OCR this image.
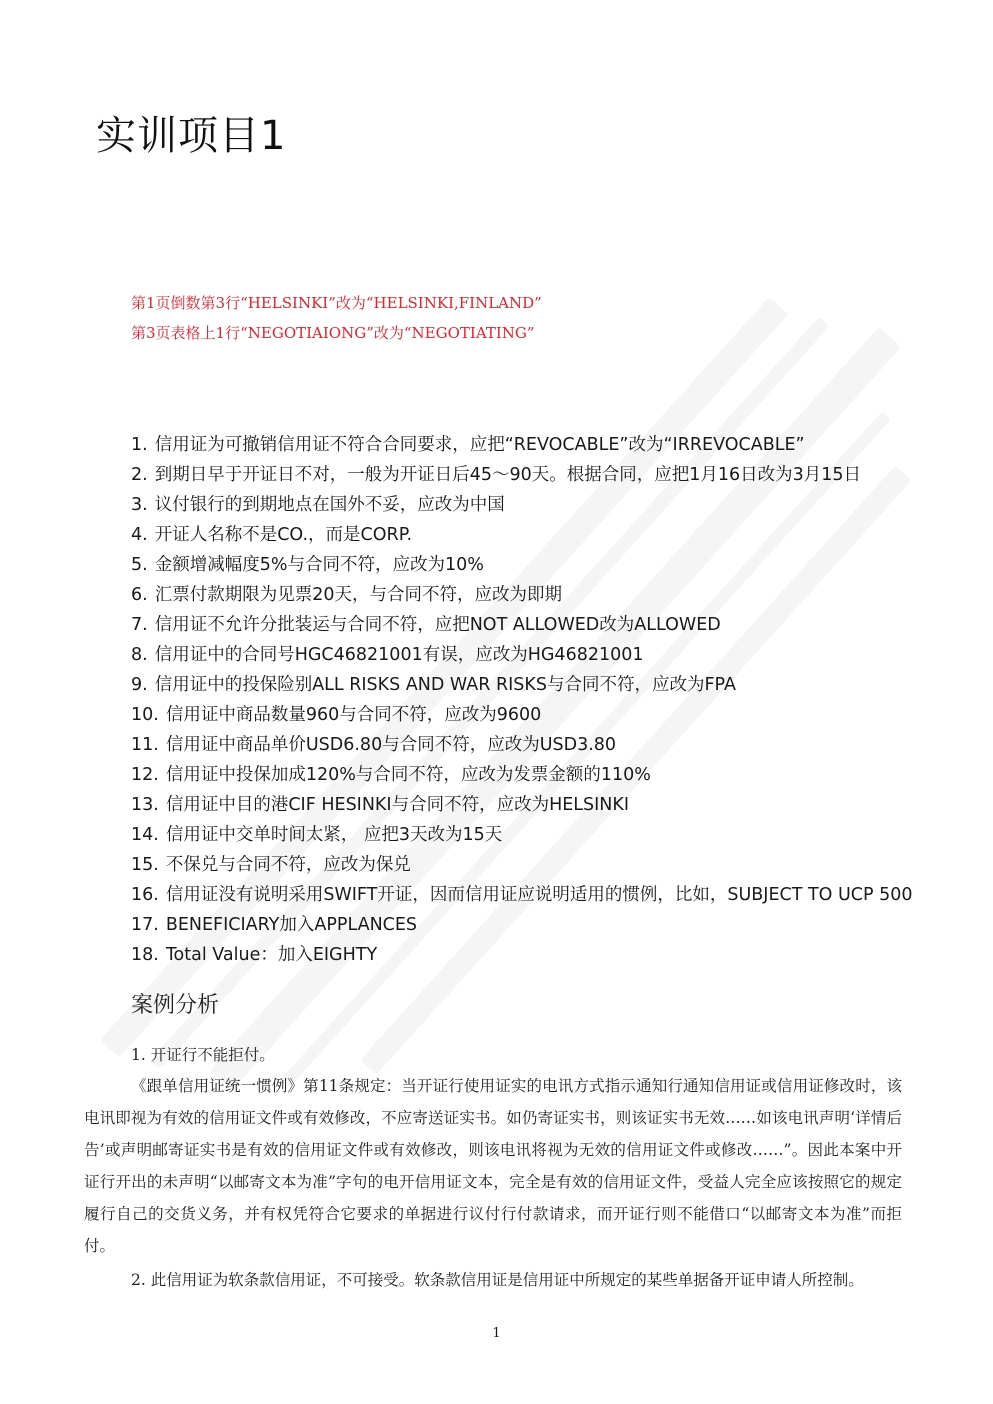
实训项目1
第1页倒数第3行“HELSINKI”改为“HELSINKI,FINLAND”
第3页表格上1行“NEGOTIAIONG”改为“NEGOTIATING”
1. 信用证为可撤销信用证不符合合同要求，应把“REVOCABLE”改为“IRREVOCABLE”
2. 到期日早于开证日不对，一般为开证日后45～90天。根据合同，应把1月16日改为3月15日
3. 议付银行的到期地点在国外不妥，应改为中国
4. 开证人名称不是CO.，而是CORP.
5. 金额增减幅度5%与合同不符，应改为10%
6. 汇票付款期限为见票20天，与合同不符，应改为即期
7. 信用证不允许分批装运与合同不符，应把NOT ALLOWED改为ALLOWED
8. 信用证中的合同号HGC46821001有误，应改为HG46821001
9. 信用证中的投保险别ALL RISKS AND WAR RISKS与合同不符，应改为FPA
10. 信用证中商品数量960与合同不符，应改为9600
11. 信用证中商品单价USD6.80与合同不符，应改为USD3.80
12. 信用证中投保加成120%与合同不符，应改为发票金额的110%
13. 信用证中目的港CIF HESINKI与合同不符，应改为HELSINKI
14. 信用证中交单时间太紧， 应把3天改为15天
15. 不保兑与合同不符，应改为保兑
16. 信用证没有说明采用SWIFT开证，因而信用证应说明适用的惯例，比如，SUBJECT TO UCP 500
17. BENEFICIARY加入APPLANCES
18. Total Value：加入EIGHTY
案例分析
1. 开证行不能拒付。

《跟单信用证统一惯例》第11条规定：当开证行使用证实的电讯方式指示通知行通知信用证或信用证修改时，该电讯即视为有效的信用证文件或有效修改，不应寄送证实书。如仍寄证实书，则该证实书无效……如该电讯声明‘详情后告’或声明邮寄证实书是有效的信用证文件或有效修改，则该电讯将视为无效的信用证文件或修改……”。因此本案中开证行开出的未声明“以邮寄文本为准”字句的电开信用证文本，完全是有效的信用证文件，受益人完全应该按照它的规定履行自己的交货义务，并有权凭符合它要求的单据进行议付行付款请求，而开证行则不能借口“以邮寄文本为准”而拒付。

2. 此信用证为软条款信用证，不可接受。软条款信用证是信用证中所规定的某些单据备开证申请人所控制。

1
